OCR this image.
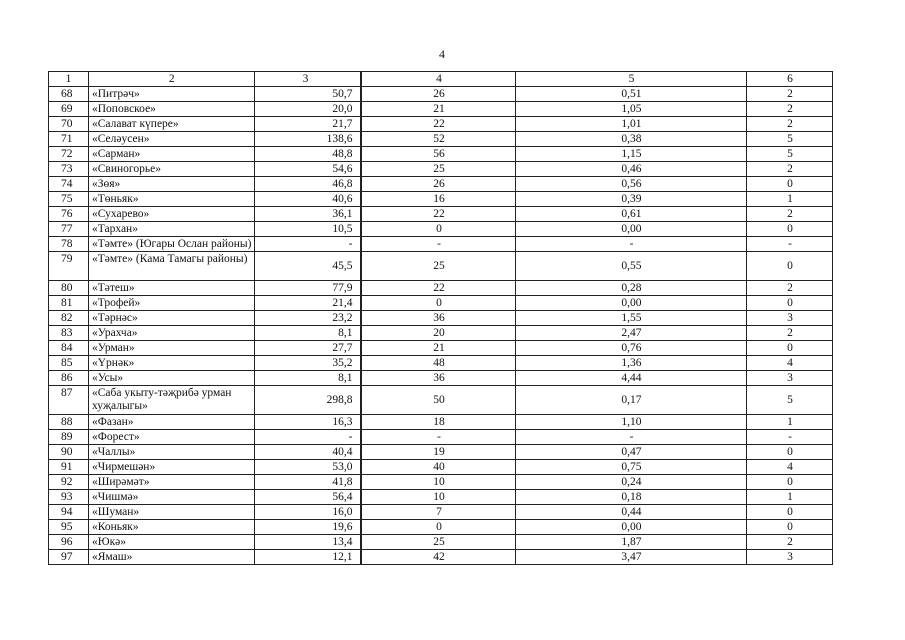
4
1	2	3		4	5	6
68	«Питрәч»	50,7		26	0,51	2
69	«Поповское»	20,0		21	1,05	2
70	«Салават күпере»	21,7		22	1,01	2
71	«Селәусен»	138,6		52	0,38	5
72	«Сарман»	48,8		56	1,15	5
73	«Свиногорье»	54,6		25	0,46	2
74	«Зөя»	46,8		26	0,56	0
75	«Төньяк»	40,6		16	0,39	1
76	«Сухарево»	36,1		22	0,61	2
77	«Тархан»	10,5		0	0,00	0
78	«Тәмте» (Югары Ослан районы)	-		-	-	-
79	«Тәмте» (Кама Тамагы районы)	45,5		25	0,55	0
80	«Тәтеш»	77,9		22	0,28	2
81	«Трофей»	21,4		0	0,00	0
82	«Тәрнәс»	23,2		36	1,55	3
83	«Урахча»	8,1		20	2,47	2
84	«Урман»	27,7		21	0,76	0
85	«Үрнәк»	35,2		48	1,36	4
86	«Усы»	8,1		36	4,44	3
87	«Саба укыту-тәҗрибә урман хуҗалыгы»	298,8		50	0,17	5
88	«Фазан»	16,3		18	1,10	1
89	«Форест»	-		-	-	-
90	«Чаллы»	40,4		19	0,47	0
91	«Чирмешән»	53,0		40	0,75	4
92	«Ширәмәт»	41,8		10	0,24	0
93	«Чишмә»	56,4		10	0,18	1
94	«Шуман»	16,0		7	0,44	0
95	«Коньяк»	19,6		0	0,00	0
96	«Юкә»	13,4		25	1,87	2
97	«Ямаш»	12,1		42	3,47	3
